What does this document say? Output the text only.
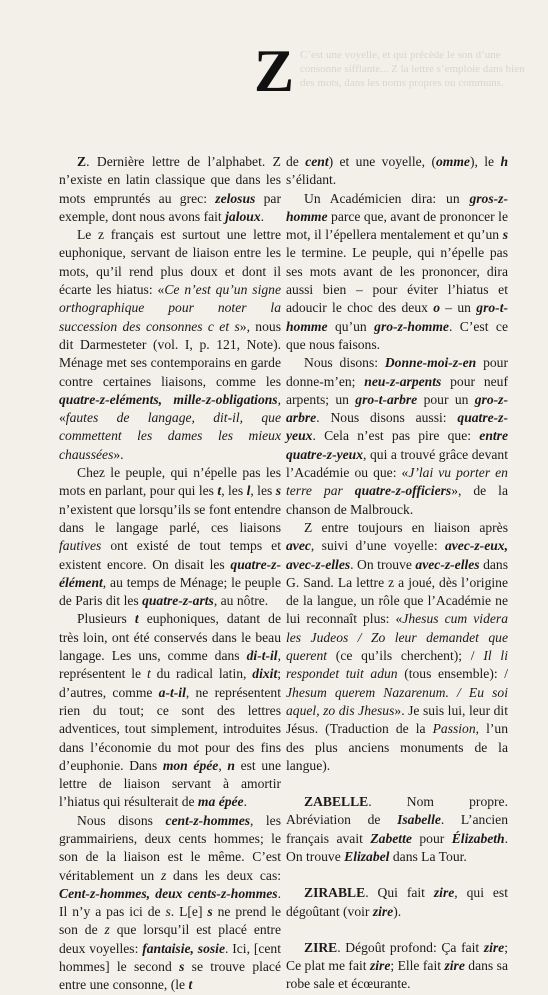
C’est une voyelle, et qui précède le son d’une consonne sifflante... Z la lettre s’emploie dans bien des mots, dans les noms propres ou communs.
Z

Z. Dernière lettre de l’alphabet. Z n’existe en latin classique que dans les mots empruntés au grec: zelosus par exemple, dont nous avons fait jaloux.

Le z français est surtout une lettre euphonique, servant de liaison entre les mots, qu’il rend plus doux et dont il écarte les hiatus: «Ce n’est qu’un signe orthographique pour noter la succession des consonnes c et s», nous dit Darmesteter (vol. I, p. 121, Note). Ménage met ses contemporains en garde contre certaines liaisons, comme les quatre-z-eléments, mille-z-obligations, «fautes de langage, dit-il, que commettent les dames les mieux chaussées».

Chez le peuple, qui n’épelle pas les mots en parlant, pour qui les t, les l, les s n’existent que lorsqu’ils se font entendre dans le langage parlé, ces liaisons fautives ont existé de tout temps et existent encore. On disait les quatre-z-élément, au temps de Ménage; le peuple de Paris dit les quatre-z-arts, au nôtre.

Plusieurs t euphoniques, datant de très loin, ont été conservés dans le beau langage. Les uns, comme dans di-t-il, représentent le t du radical latin, dixit; d’autres, comme a-t-il, ne représentent rien du tout; ce sont des lettres adventices, tout simplement, introduites dans l’économie du mot pour des fins d’euphonie. Dans mon épée, n est une lettre de liaison servant à amortir l’hiatus qui résulterait de ma épée.

Nous disons cent-z-hommes, les grammairiens, deux cents hommes; le son de la liaison est le même. C’est véritablement un z dans les deux cas: Cent-z-hommes, deux cents-z-hommes. Il n’y a pas ici de s. L[e] s ne prend le son de z que lorsqu’il est placé entre deux voyelles: fantaisie, sosie. Ici, [cent hommes] le second s se trouve placé entre une consonne, (le t

de cent) et une voyelle, (omme), le h s’élidant.

Un Académicien dira: un gros-z-homme parce que, avant de prononcer le mot, il l’épellera mentalement et qu’un s le termine. Le peuple, qui n’épelle pas ses mots avant de les prononcer, dira aussi bien – pour éviter l’hiatus et adoucir le choc des deux o – un gro-t-homme qu’un gro-z-homme. C’est ce que nous faisons.

Nous disons: Donne-moi-z-en pour donne-m’en; neu-z-arpents pour neuf arpents; un gro-t-arbre pour un gro-z-arbre. Nous disons aussi: quatre-z-yeux. Cela n’est pas pire que: entre quatre-z-yeux, qui a trouvé grâce devant l’Académie ou que: «J’lai vu porter en terre par quatre-z-officiers», de la chanson de Malbrouck.

Z entre toujours en liaison après avec, suivi d’une voyelle: avec-z-eux, avec-z-elles. On trouve avec-z-elles dans G. Sand. La lettre z a joué, dès l’origine de la langue, un rôle que l’Académie ne lui reconnaît plus: «Jhesus cum videra les Judeos / Zo leur demandet que querent (ce qu’ils cherchent); / Il li respondet tuit adun (tous ensemble): / Jhesum querem Nazarenum. / Eu soi aquel, zo dis Jhesus». Je suis lui, leur dit Jésus. (Traduction de la Passion, l’un des plus anciens monuments de la langue).

ZABELLE. Nom propre. Abréviation de Isabelle. L’ancien français avait Zabette pour Élizabeth. On trouve Elizabel dans La Tour.

ZIRABLE. Qui fait zire, qui est dégoûtant (voir zire).

ZIRE. Dégoût profond: Ça fait zire; Ce plat me fait zire; Elle fait zire dans sa robe sale et écœurante.
